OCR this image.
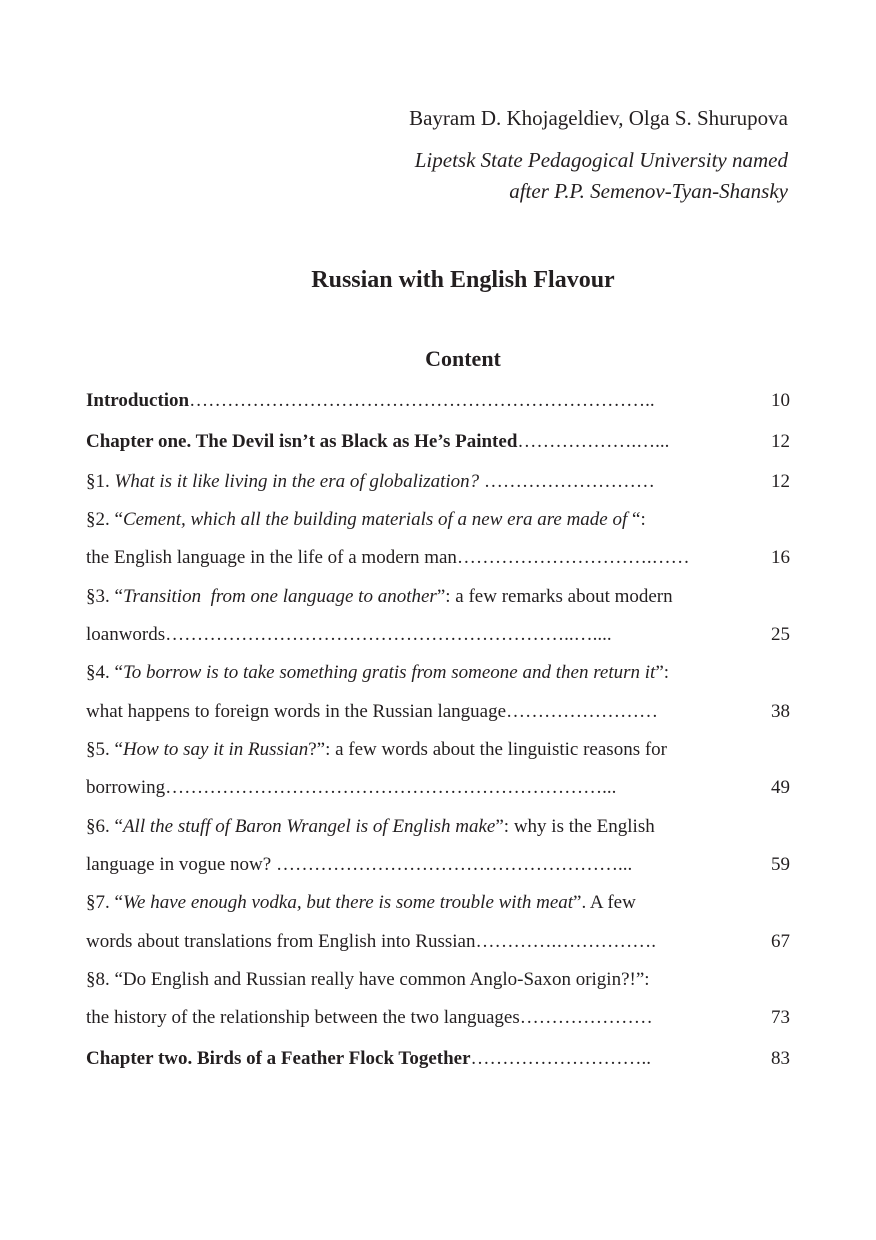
Bayram D. Khojageldiev, Olga S. Shurupova

Lipetsk State Pedagogical University named
after P.P. Semenov-Tyan-Shansky

Russian with English Flavour
Content
Introduction………………………………………………………………..	10
Chapter one. The Devil isn’t as Black as He’s Painted……………….…...	12
§1. What is it like living in the era of globalization? ………………………	12
§2. “Cement, which all the building materials of a new era are made of “:
the English language in the life of a modern man………………………….……	16
§3. “Transition  from one language to another”: a few remarks about modern
loanwords………………………………………………………..…....	25
§4. “To borrow is to take something gratis from someone and then return it”:
what happens to foreign words in the Russian language……………………	38
§5. “How to say it in Russian?”: a few words about the linguistic reasons for
borrowing……………………………………………………………...	49
§6. “All the stuff of Baron Wrangel is of English make”: why is the English
language in vogue now? ………………………………………………...	59
§7. “We have enough vodka, but there is some trouble with meat”. A few
words about translations from English into Russian………….…………….	67
§8. “Do English and Russian really have common Anglo-Saxon origin?!”:
the history of the relationship between the two languages…………………	73
Chapter two. Birds of a Feather Flock Together………………………..	83
